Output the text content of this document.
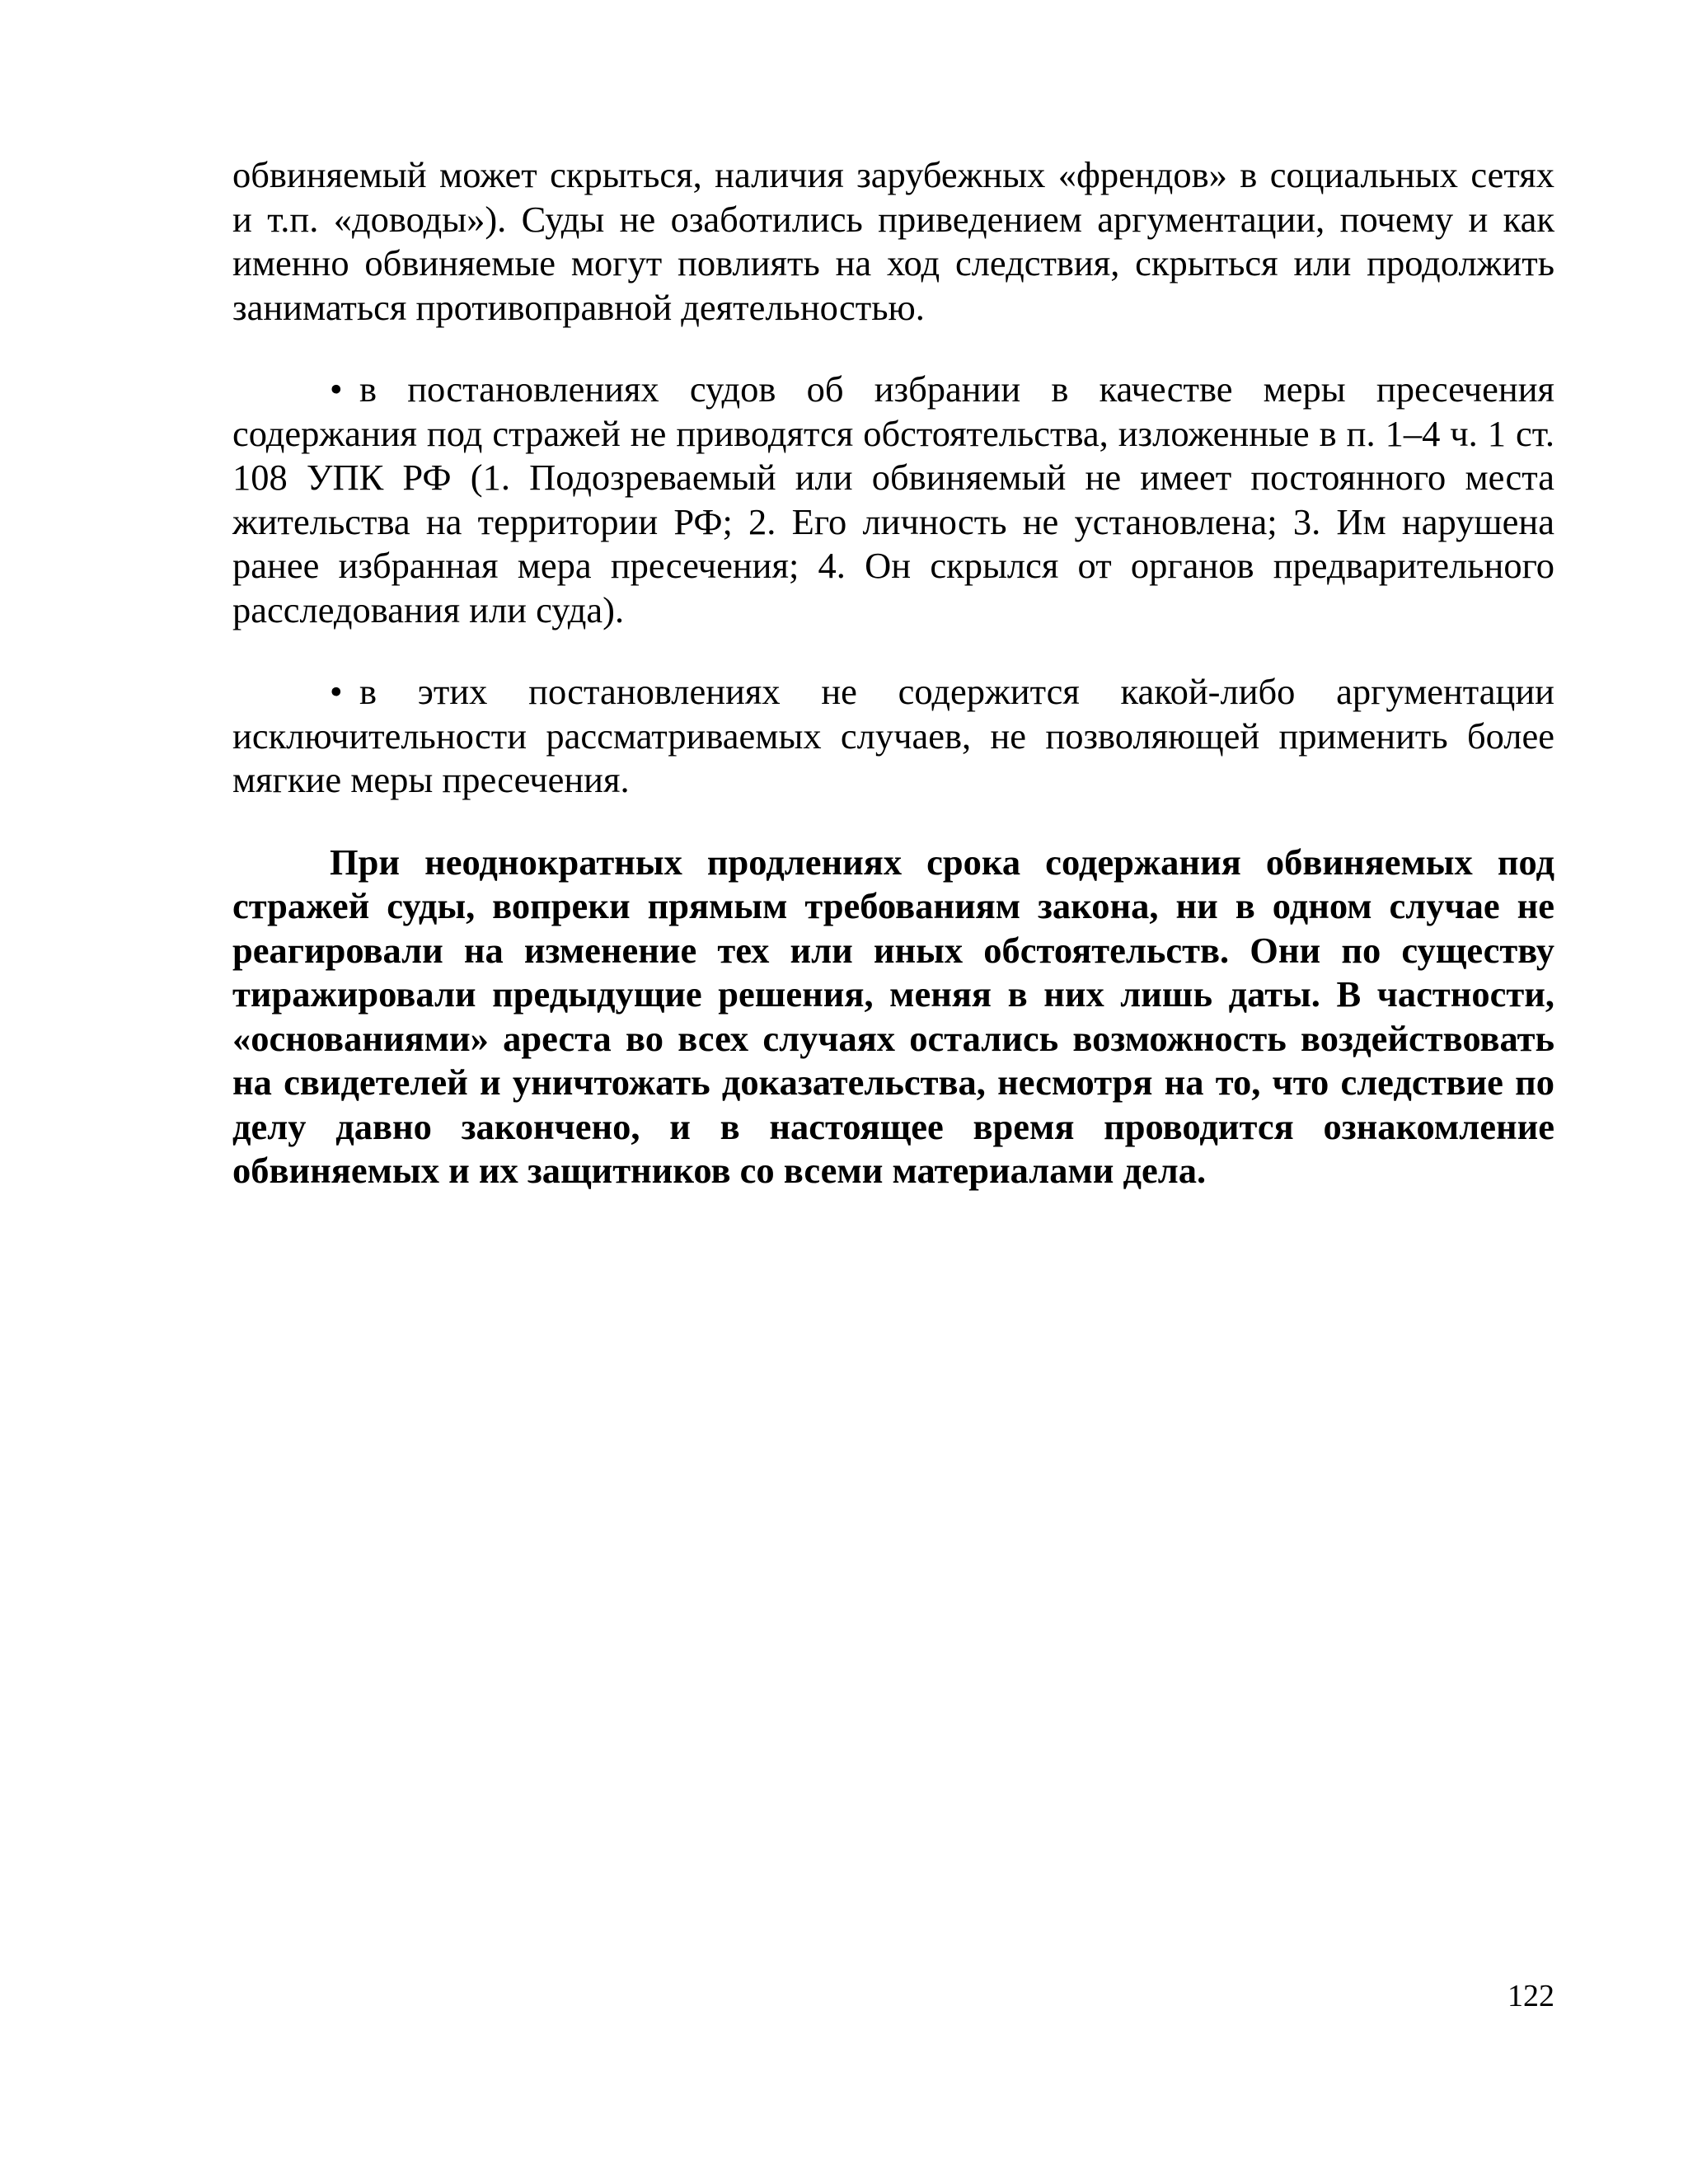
обвиняемый может скрыться, наличия зарубежных «френдов» в социальных сетях и т.п. «доводы»). Суды не озаботились приведением аргументации, почему и как именно обвиняемые могут повлиять на ход следствия, скрыться или продолжить заниматься противоправной деятельностью.

• в постановлениях судов об избрании в качестве меры пресечения содержания под стражей не приводятся обстоятельства, изложенные в п. 1–4 ч. 1 ст. 108 УПК РФ (1. Подозреваемый или обвиняемый не имеет постоянного места жительства на территории РФ; 2. Его личность не установлена; 3. Им нарушена ранее избранная мера пресечения; 4. Он скрылся от органов предварительного расследования или суда).

• в этих постановлениях не содержится какой-либо аргументации исключительности рассматриваемых случаев, не позволяющей применить более мягкие меры пресечения.

При неоднократных продлениях срока содержания обвиняемых под стражей суды, вопреки прямым требованиям закона, ни в одном случае не реагировали на изменение тех или иных обстоятельств. Они по существу тиражировали предыдущие решения, меняя в них лишь даты. В частности, «основаниями» ареста во всех случаях остались возможность воздействовать на свидетелей и уничтожать доказательства, несмотря на то, что следствие по делу давно закончено, и в настоящее время проводится ознакомление обвиняемых и их защитников со всеми материалами дела.

122
